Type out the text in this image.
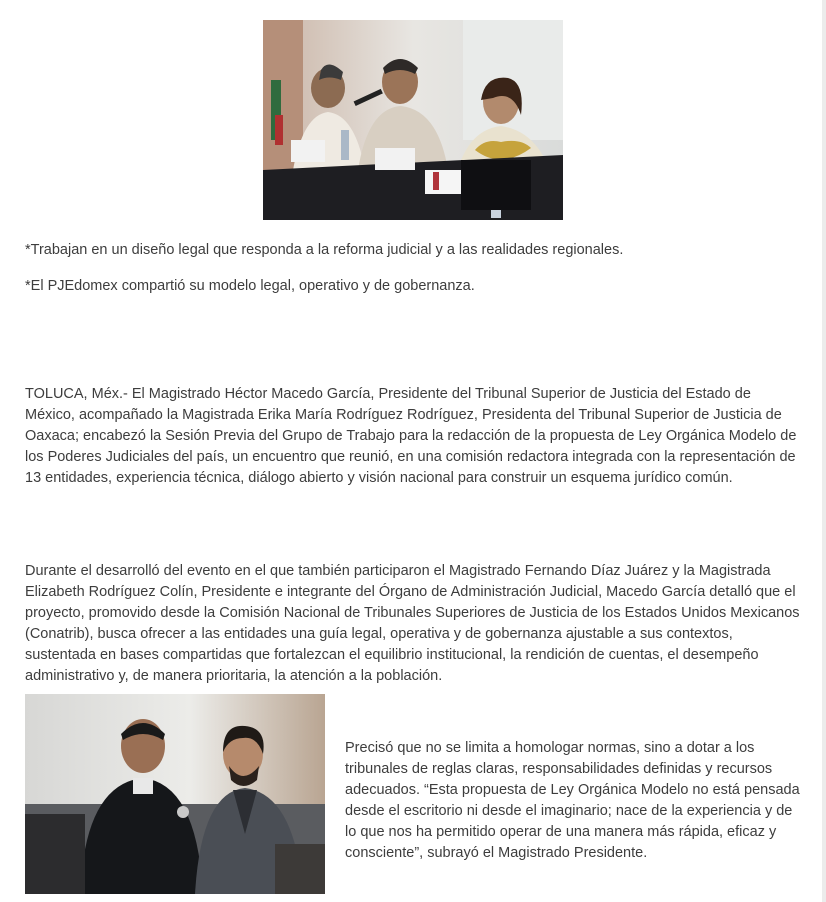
*Trabajan en un diseño legal que responda a la reforma judicial y a las realidades regionales.

*El PJEdomex compartió su modelo legal, operativo y de gobernanza.

TOLUCA, Méx.- El Magistrado Héctor Macedo García, Presidente del Tribunal Superior de Justicia del Estado de México, acompañado la Magistrada Erika María Rodríguez Rodríguez, Presidenta del Tribunal Superior de Justicia de Oaxaca; encabezó la Sesión Previa del Grupo de Trabajo para la redacción de la propuesta de Ley Orgánica Modelo de los Poderes Judiciales del país, un encuentro que reunió, en una comisión redactora integrada con la representación de 13 entidades, experiencia técnica, diálogo abierto y visión nacional para construir un esquema jurídico común.

Durante el desarrolló del evento en el que también participaron el Magistrado Fernando Díaz Juárez y la Magistrada Elizabeth Rodríguez Colín, Presidente e integrante del Órgano de Administración Judicial, Macedo García detalló que el proyecto, promovido desde la Comisión Nacional de Tribunales Superiores de Justicia de los Estados Unidos Mexicanos (Conatrib), busca ofrecer a las entidades una guía legal, operativa y de gobernanza ajustable a sus contextos, sustentada en bases compartidas que fortalezcan el equilibrio institucional, la rendición de cuentas, el desempeño administrativo y, de manera prioritaria, la atención a la población.

Precisó que no se limita a homologar normas, sino a dotar a los tribunales de reglas claras, responsabilidades definidas y recursos adecuados. “Esta propuesta de Ley Orgánica Modelo no está pensada desde el escritorio ni desde el imaginario; nace de la experiencia y de lo que nos ha permitido operar de una manera más rápida, eficaz y consciente”, subrayó el Magistrado Presidente.
